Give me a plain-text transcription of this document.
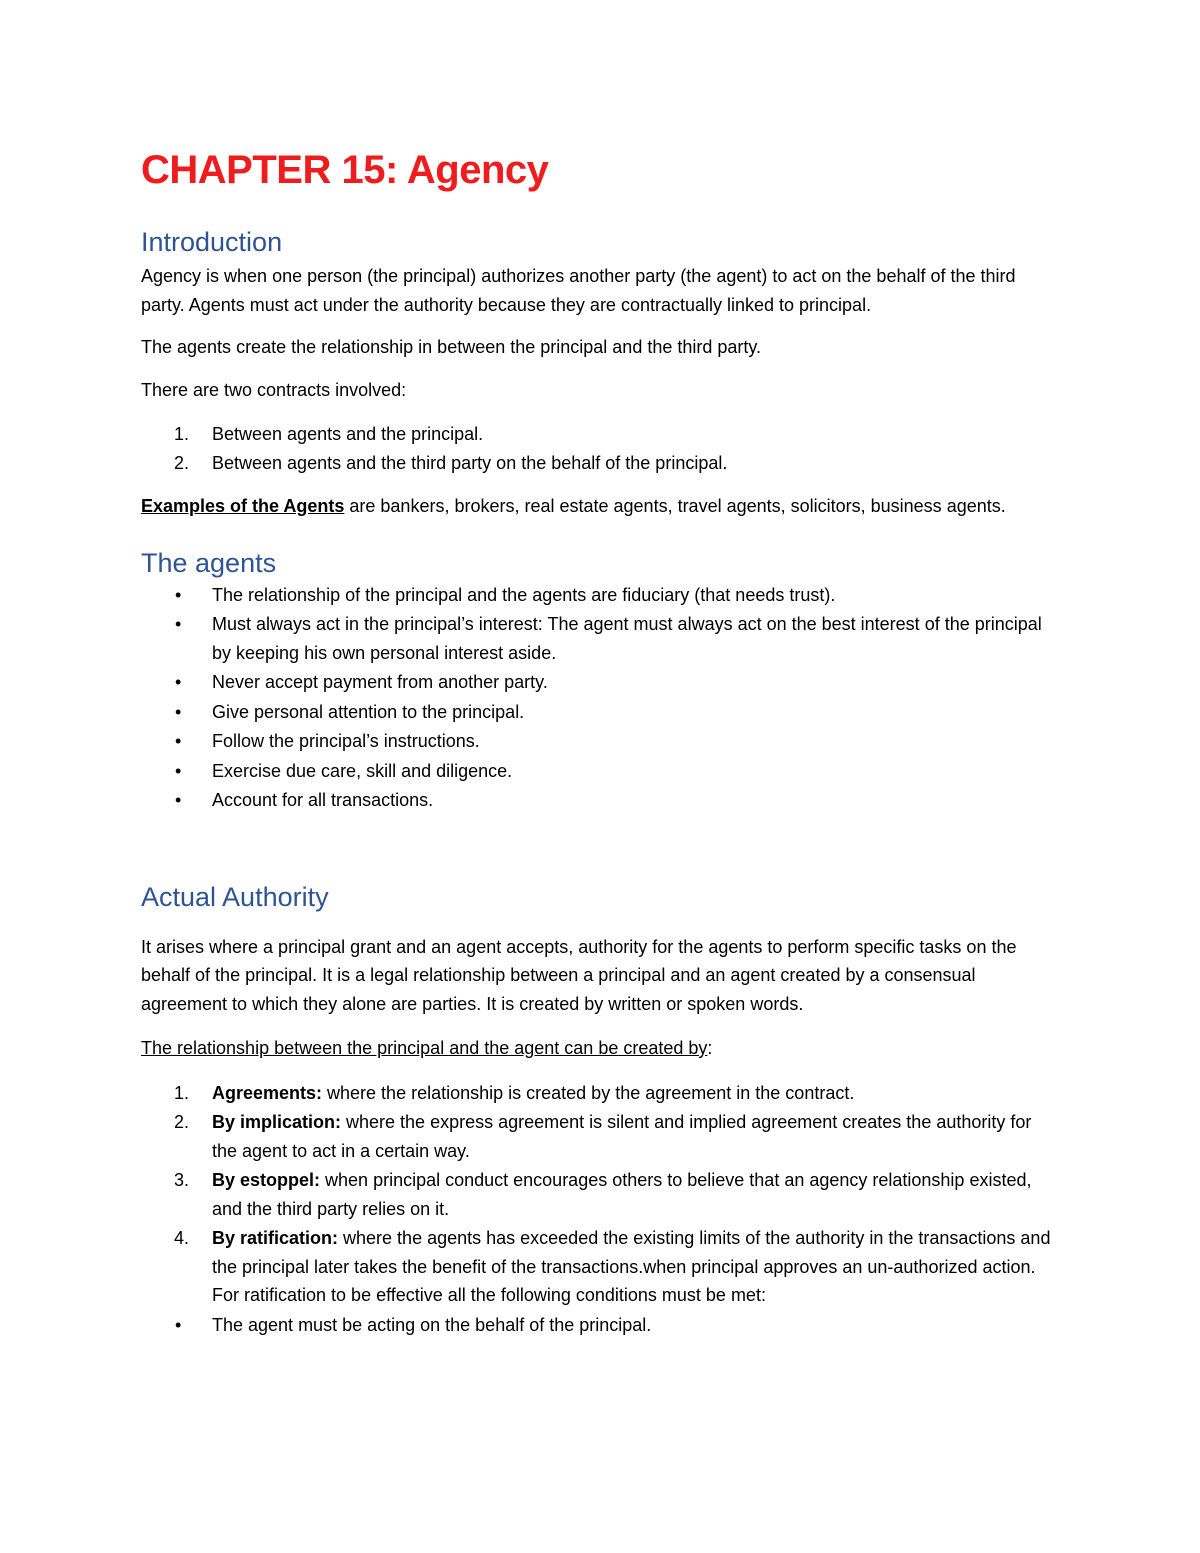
CHAPTER 15: Agency
Introduction

Agency is when one person (the principal) authorizes another party (the agent) to act on the behalf of the third party. Agents must act under the authority because they are contractually linked to principal.

The agents create the relationship in between the principal and the third party.

There are two contracts involved:

1. Between agents and the principal.
2. Between agents and the third party on the behalf of the principal.

Examples of the Agents are bankers, brokers, real estate agents, travel agents, solicitors, business agents.

The agents
• The relationship of the principal and the agents are fiduciary (that needs trust).
• Must always act in the principal’s interest: The agent must always act on the best interest of the principal by keeping his own personal interest aside.
• Never accept payment from another party.
• Give personal attention to the principal.
• Follow the principal’s instructions.
• Exercise due care, skill and diligence.
• Account for all transactions.
Actual Authority

It arises where a principal grant and an agent accepts, authority for the agents to perform specific tasks on the behalf of the principal. It is a legal relationship between a principal and an agent created by a consensual agreement to which they alone are parties. It is created by written or spoken words.

The relationship between the principal and the agent can be created by:

1. Agreements: where the relationship is created by the agreement in the contract.
2. By implication: where the express agreement is silent and implied agreement creates the authority for the agent to act in a certain way.
3. By estoppel: when principal conduct encourages others to believe that an agency relationship existed, and the third party relies on it.
4. By ratification: where the agents has exceeded the existing limits of the authority in the transactions and the principal later takes the benefit of the transactions.when principal approves an un-authorized action. For ratification to be effective all the following conditions must be met:
• The agent must be acting on the behalf of the principal.
